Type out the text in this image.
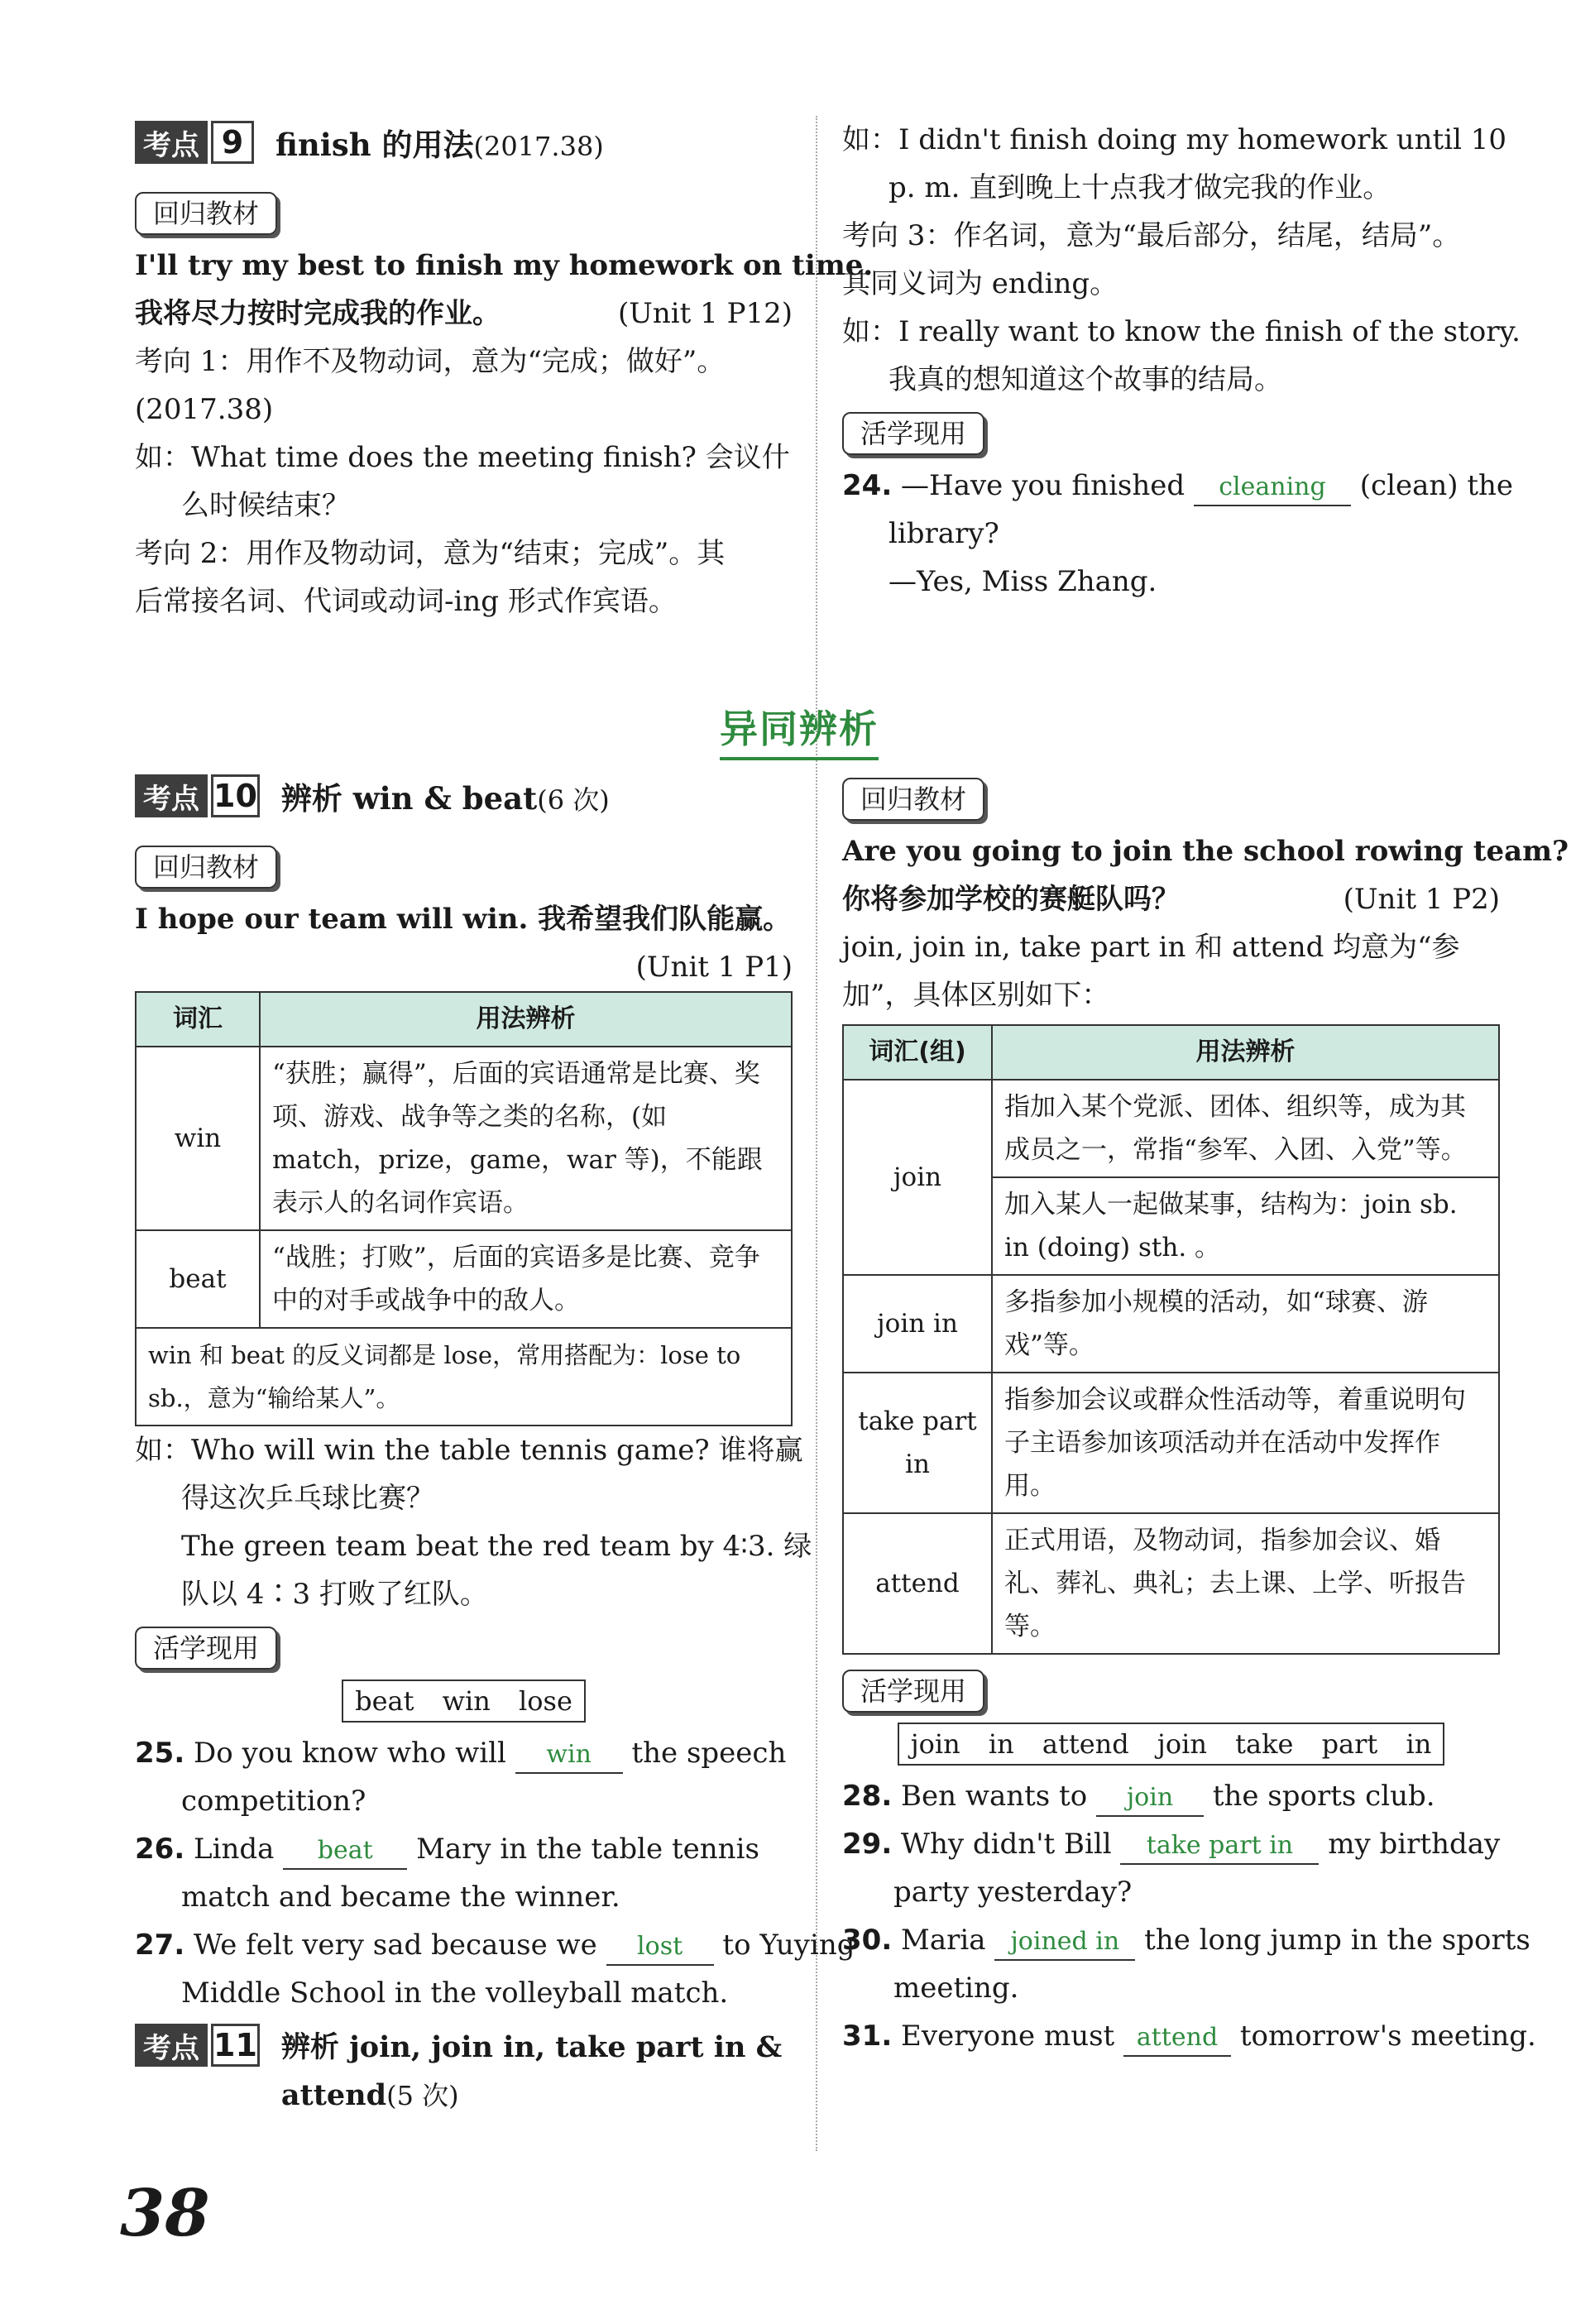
考点 9	finish 的用法(2017.38)
回归教材
I'll try my best to finish my homework on time.
我将尽力按时完成我的作业。	(Unit 1 P12)
考向 1：用作不及物动词，意为“完成；做好”。
(2017.38)
如：What time does the meeting finish? 会议什
么时候结束？
考向 2：用作及物动词，意为“结束；完成”。其
后常接名词、代词或动词-ing 形式作宾语。
如：I didn't finish doing my homework until 10
p. m. 直到晚上十点我才做完我的作业。
考向 3：作名词，意为“最后部分，结尾，结局”。
其同义词为 ending。
如：I really want to know the finish of the story.
我真的想知道这个故事的结局。
活学现用
24. —Have you finished cleaning (clean) the
library?
—Yes, Miss Zhang.
异同辨析
考点 10 辨析 win & beat(6 次)
回归教材
I hope our team will win. 我希望我们队能赢。
(Unit 1 P1)
词汇	用法辨析
win	“获胜；赢得”，后面的宾语通常是比赛、奖项、游戏、战争等之类的名称，(如 match，prize，game，war 等)，不能跟表示人的名词作宾语。
beat	“战胜；打败”，后面的宾语多是比赛、竞争中的对手或战争中的敌人。
win 和 beat 的反义词都是 lose，常用搭配为：lose to sb.，意为“输给某人”。	
如：Who will win the table tennis game? 谁将赢
得这次乒乓球比赛？
The green team beat the red team by 4∶3. 绿
队以 4∶3 打败了红队。
活学现用
beat win lose
25. Do you know who will win the speech
competition?
26. Linda beat Mary in the table tennis
match and became the winner.
27. We felt very sad because we lost to Yuying
Middle School in the volleyball match.
考点 11 辨析 join, join in, take part in &
attend(5 次)
回归教材
Are you going to join the school rowing team?
你将参加学校的赛艇队吗？	(Unit 1 P2)
join, join in, take part in 和 attend 均意为“参
加”，具体区别如下：
词汇(组)	用法辨析
join	指加入某个党派、团体、组织等，成为其成员之一，常指“参军、入团、入党”等。
	加入某人一起做某事，结构为：join sb. in (doing) sth. 。
join in	多指参加小规模的活动，如“球赛、游戏”等。
take part in	指参加会议或群众性活动等，着重说明句子主语参加该项活动并在活动中发挥作用。
attend	正式用语，及物动词，指参加会议、婚礼、葬礼、典礼；去上课、上学、听报告等。
活学现用
join in attend join take part in
28. Ben wants to join the sports club.
29. Why didn't Bill take part in my birthday
party yesterday?
30. Maria joined in the long jump in the sports
meeting.
31. Everyone must attend tomorrow's meeting.
38
